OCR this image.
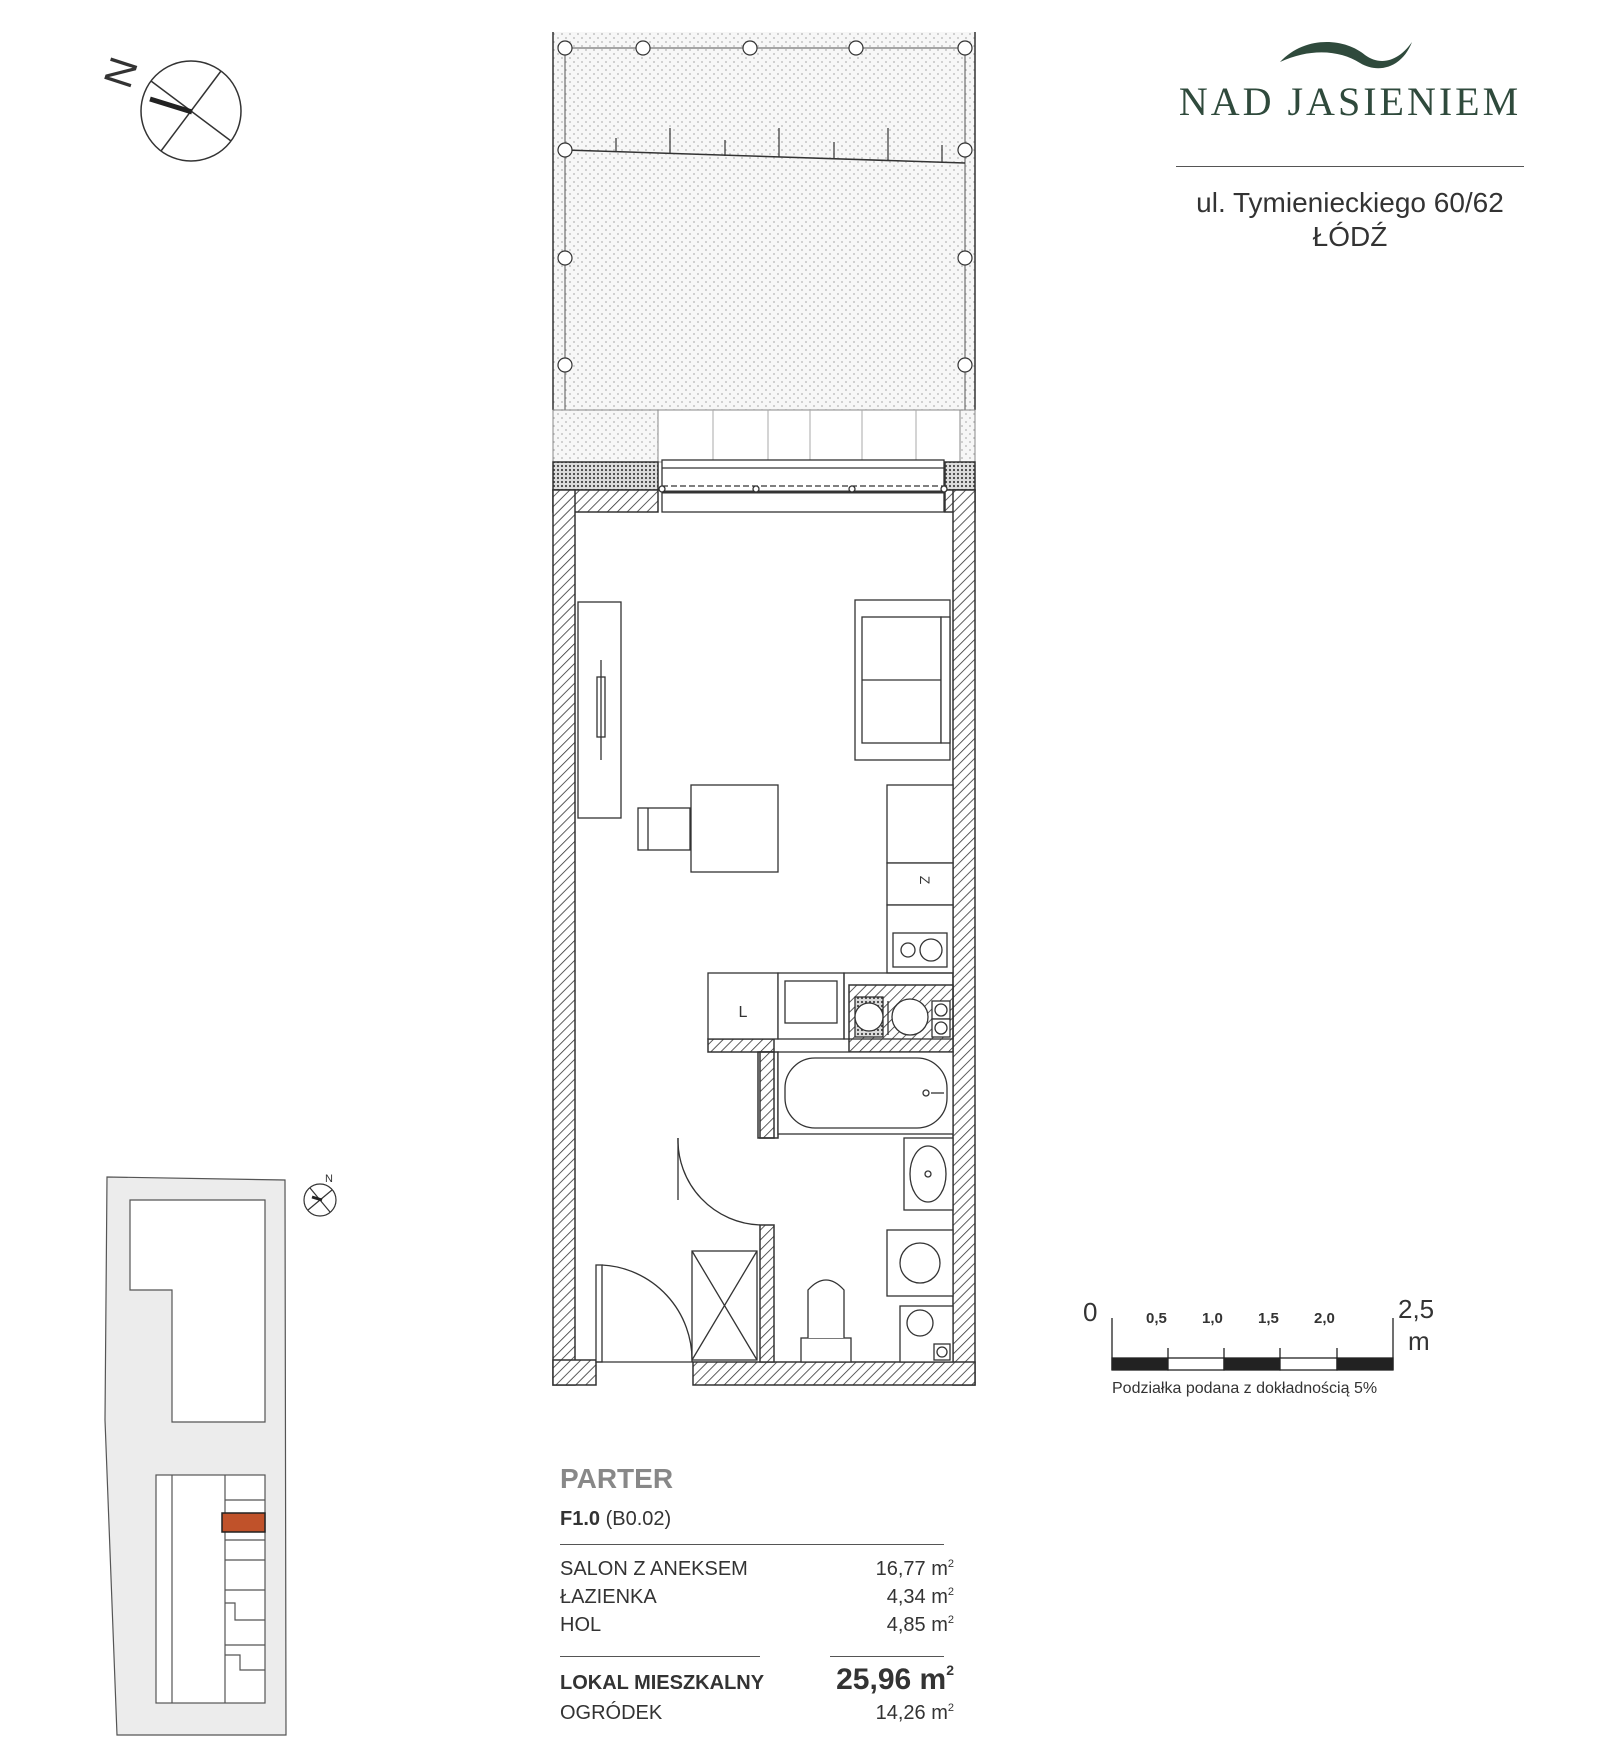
N
N
Z
L
NAD JASIENIEM
ul. Tymienieckiego 60/62
ŁÓDŹ
0	0,5 1,0 1,5 2,0 2,5
m
Podziałka podana z dokładnością 5%
PARTER
F1.0 (B0.02)
SALON Z ANEKSEM	16,77 $m^2$
ŁAZIENKA	4,34 $m^2$
HOL	4,85 $m^2$
LOKAL MIESZKALNY 25,96 $m^2$
OGRÓDEK	14,26 $m^2$
